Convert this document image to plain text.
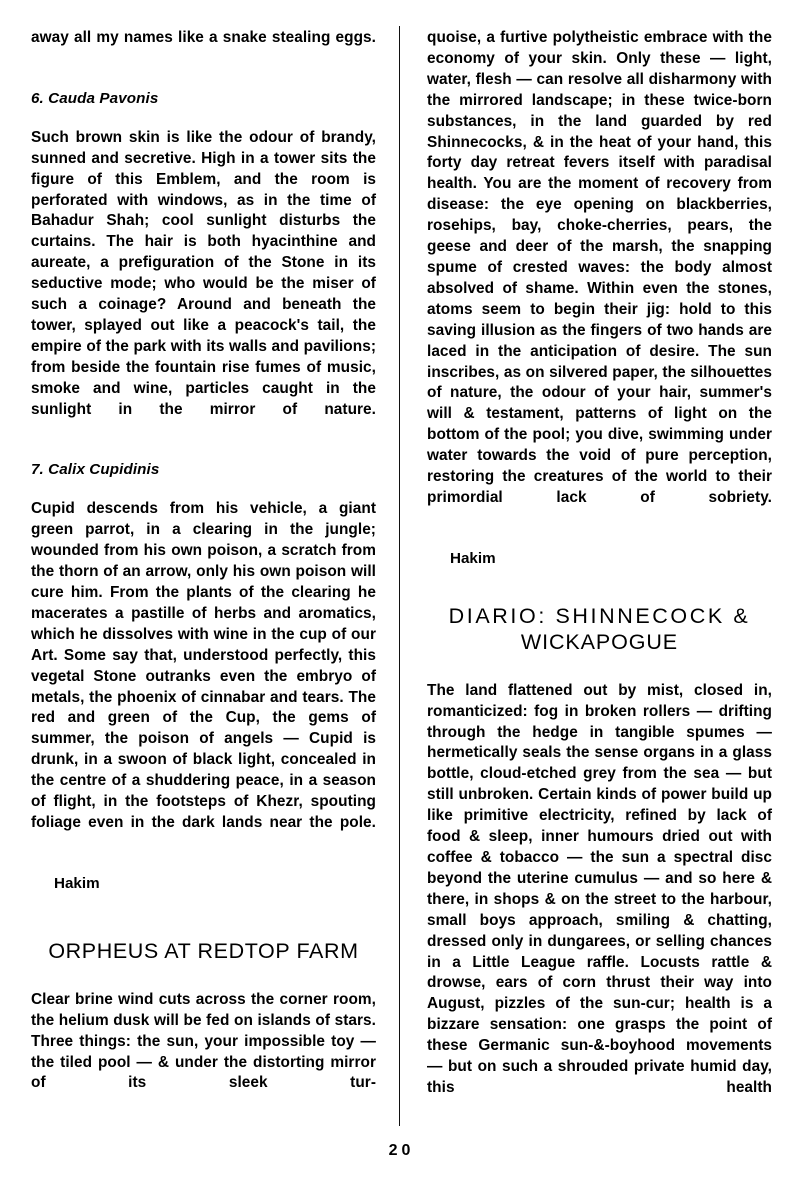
away all my names like a snake stealing eggs.

6. Cauda Pavonis

Such brown skin is like the odour of brandy, sunned and secretive. High in a tower sits the figure of this Emblem, and the room is perforated with windows, as in the time of Bahadur Shah; cool sunlight disturbs the curtains. The hair is both hyacinthine and aureate, a prefiguration of the Stone in its seductive mode; who would be the miser of such a coinage? Around and beneath the tower, splayed out like a peacock's tail, the empire of the park with its walls and pavilions; from beside the fountain rise fumes of music, smoke and wine, particles caught in the sunlight in the mirror of nature.

7. Calix Cupidinis

Cupid descends from his vehicle, a giant green parrot, in a clearing in the jungle; wounded from his own poison, a scratch from the thorn of an arrow, only his own poison will cure him. From the plants of the clearing he macerates a pastille of herbs and aromatics, which he dissolves with wine in the cup of our Art. Some say that, understood perfectly, this vegetal Stone outranks even the embryo of metals, the phoenix of cinnabar and tears. The red and green of the Cup, the gems of summer, the poison of angels — Cupid is drunk, in a swoon of black light, concealed in the centre of a shuddering peace, in a season of flight, in the footsteps of Khezr, spouting foliage even in the dark lands near the pole.

Hakim

ORPHEUS AT REDTOP FARM

Clear brine wind cuts across the corner room, the helium dusk will be fed on islands of stars. Three things: the sun, your impossible toy — the tiled pool — & under the distorting mirror of its sleek tur-

quoise, a furtive polytheistic embrace with the economy of your skin. Only these — light, water, flesh — can resolve all disharmony with the mirrored landscape; in these twice-born substances, in the land guarded by red Shinnecocks, & in the heat of your hand, this forty day retreat fevers itself with paradisal health. You are the moment of recovery from disease: the eye opening on blackberries, rosehips, bay, choke-cherries, pears, the geese and deer of the marsh, the snapping spume of crested waves: the body almost absolved of shame. Within even the stones, atoms seem to begin their jig: hold to this saving illusion as the fingers of two hands are laced in the anticipation of desire. The sun inscribes, as on silvered paper, the silhouettes of nature, the odour of your hair, summer's will & testament, patterns of light on the bottom of the pool; you dive, swimming under water towards the void of pure perception, restoring the creatures of the world to their primordial lack of sobriety.

Hakim

DIARIO: SHINNECOCK &
WICKAPOGUE

The land flattened out by mist, closed in, romanticized: fog in broken rollers — drifting through the hedge in tangible spumes — hermetically seals the sense organs in a glass bottle, cloud-etched grey from the sea — but still unbroken. Certain kinds of power build up like primitive electricity, refined by lack of food & sleep, inner humours dried out with coffee & tobacco — the sun a spectral disc beyond the uterine cumulus — and so here & there, in shops & on the street to the harbour, small boys approach, smiling & chatting, dressed only in dungarees, or selling chances in a Little League raffle. Locusts rattle & drowse, ears of corn thrust their way into August, pizzles of the sun-cur; health is a bizzare sensation: one grasps the point of these Germanic sun-&-boyhood movements — but on such a shrouded private humid day, this health

20
